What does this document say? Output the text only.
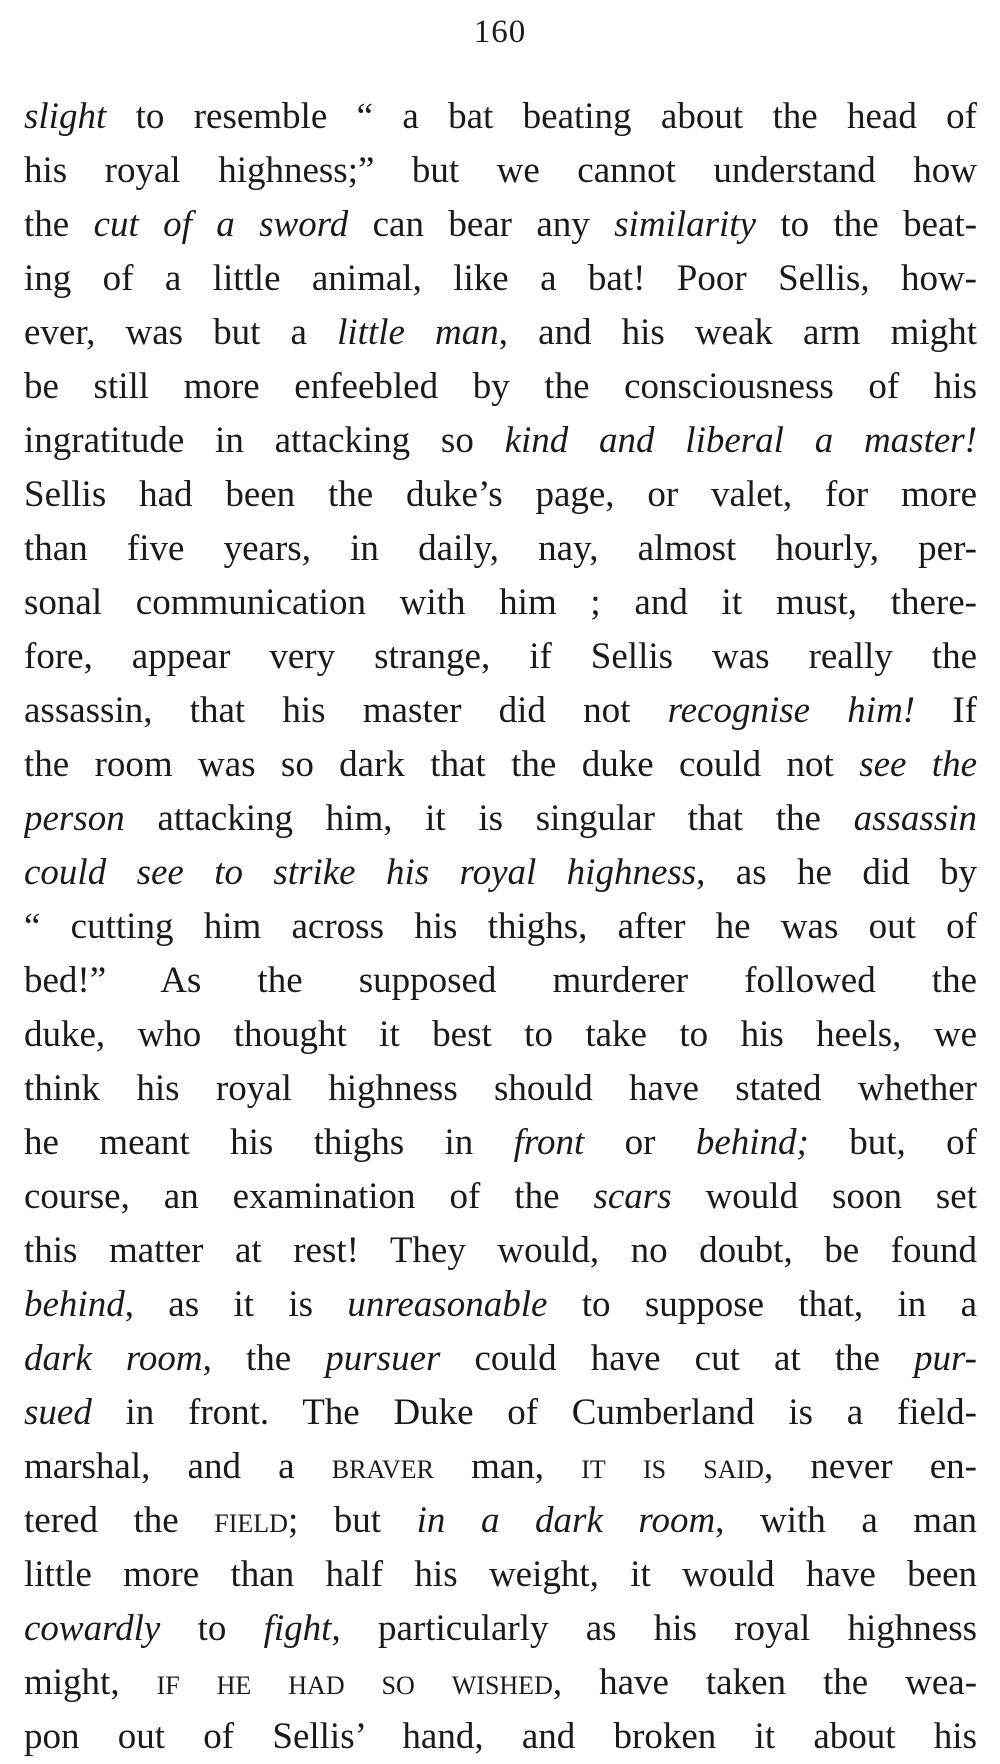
160
slight to resemble “ a bat beating about the head of
his royal highness;” but we cannot understand how
the cut of a sword can bear any similarity to the beat-
ing of a little animal, like a bat! Poor Sellis, how-
ever, was but a little man, and his weak arm might
be still more enfeebled by the consciousness of his
ingratitude in attacking so kind and liberal a master!
Sellis had been the duke’s page, or valet, for more
than five years, in daily, nay, almost hourly, per-
sonal communication with him ; and it must, there-
fore, appear very strange, if Sellis was really the
assassin, that his master did not recognise him! If
the room was so dark that the duke could not see the
person attacking him, it is singular that the assassin
could see to strike his royal highness, as he did by
“ cutting him across his thighs, after he was out of
bed!” As the supposed murderer followed the
duke, who thought it best to take to his heels, we
think his royal highness should have stated whether
he meant his thighs in front or behind; but, of
course, an examination of the scars would soon set
this matter at rest! They would, no doubt, be found
behind, as it is unreasonable to suppose that, in a
dark room, the pursuer could have cut at the pur-
sued in front. The Duke of Cumberland is a field-
marshal, and a braver man, it is said, never en-
tered the field; but in a dark room, with a man
little more than half his weight, it would have been
cowardly to fight, particularly as his royal highness
might, if he had so wished, have taken the wea-
pon out of Sellis’ hand, and broken it about his
